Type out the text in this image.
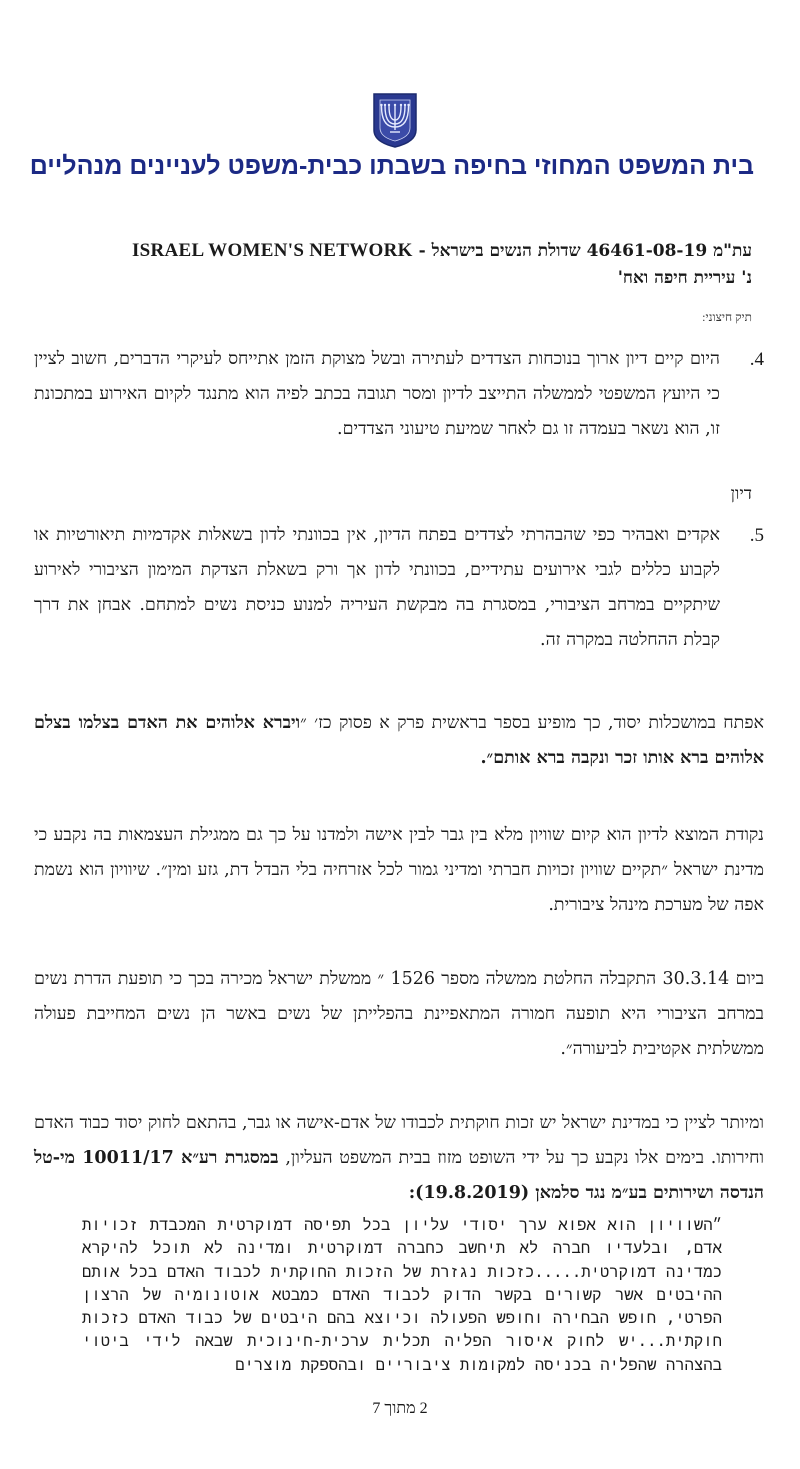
בית המשפט המחוזי בחיפה בשבתו כבית-משפט לעניינים מנהליים
עת"מ 46461-08-19 שדולת הנשים בישראל - ISRAEL WOMEN'S NETWORK
נ' עיריית חיפה ואח'
תיק חיצוני:
4.
היום קיים דיון ארוך בנוכחות הצדדים לעתירה ובשל מצוקת הזמן אתייחס לעיקרי הדברים, חשוב לציין כי היועץ המשפטי לממשלה התייצב לדיון ומסר תגובה בכתב לפיה הוא מתנגד לקיום האירוע במתכונת זו, הוא נשאר בעמדה זו גם לאחר שמיעת טיעוני הצדדים.
דיון
5.
אקדים ואבהיר כפי שהבהרתי לצדדים בפתח הדיון, אין בכוונתי לדון בשאלות אקדמיות תיאורטיות או לקבוע כללים לגבי אירועים עתידיים, בכוונתי לדון אך ורק בשאלת הצדקת המימון הציבורי לאירוע שיתקיים במרחב הציבורי, במסגרת בה מבקשת העיריה למנוע כניסת נשים למתחם. אבחן את דרך קבלת ההחלטה במקרה זה.
אפתח במושכלות יסוד, כך מופיע בספר בראשית פרק א פסוק כז׳ ״ויברא אלוהים את האדם בצלמו בצלם אלוהים ברא אותו זכר ונקבה ברא אותם״.
נקודת המוצא לדיון הוא קיום שוויון מלא בין גבר לבין אישה ולמדנו על כך גם ממגילת העצמאות בה נקבע כי מדינת ישראל ״תקיים שוויון זכויות חברתי ומדיני גמור לכל אזרחיה בלי הבדל דת, גזע ומין״. שיוויון הוא נשמת אפה של מערכת מינהל ציבורית.
ביום 30.3.14 התקבלה החלטת ממשלה מספר 1526 ״ ממשלת ישראל מכירה בכך כי תופעת הדרת נשים במרחב הציבורי היא תופעה חמורה המתאפיינת בהפלייתן של נשים באשר הן נשים המחייבת פעולה ממשלתית אקטיבית לביעורה״.
ומיותר לציין כי במדינת ישראל יש זכות חוקתית לכבודו של אדם-אישה או גבר, בהתאם לחוק יסוד כבוד האדם וחירותו. בימים אלו נקבע כך על ידי השופט מזוז בבית המשפט העליון, במסגרת רע״א 10011/17 מי-טל הנדסה ושירותים בע״מ נגד סלמאן (19.8.2019):
״השוויון הוא אפוא ערך יסודי עליון בכל תפיסה דמוקרטית המכבדת זכויות אדם, ובלעדיו חברה לא תיחשב כחברה דמוקרטית ומדינה לא תוכל להיקרא כמדינה דמוקרטית.....כזכות נגזרת של הזכות החוקתית לכבוד האדם בכל אותם ההיבטים אשר קשורים בקשר הדוק לכבוד האדם כמבטא אוטונומיה של הרצון הפרטי, חופש הבחירה וחופש הפעולה וכיוצא בהם היבטים של כבוד האדם כזכות חוקתית...יש לחוק איסור הפליה תכלית ערכית-חינוכית שבאה לידי ביטוי בהצהרה שהפליה בכניסה למקומות ציבוריים ובהספקת מוצרים
2 מתוך 7
